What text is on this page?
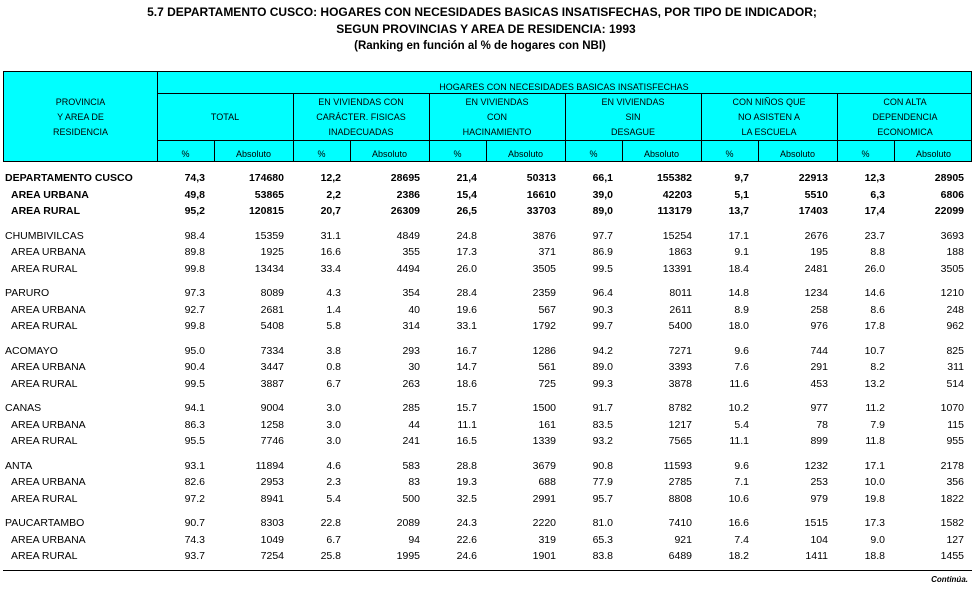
5.7 DEPARTAMENTO CUSCO: HOGARES CON NECESIDADES BASICAS INSATISFECHAS, POR TIPO DE INDICADOR;
SEGUN PROVINCIAS Y AREA DE RESIDENCIA: 1993
(Ranking en función al % de hogares con NBI)
PROVINCIA
Y AREA DE
RESIDENCIA
HOGARES CON NECESIDADES BASICAS INSATISFECHAS
TOTAL
%	Absoluto
EN VIVIENDAS CON
CARÁCTER. FISICAS
INADECUADAS
%	Absoluto
EN VIVIENDAS
CON
HACINAMIENTO
%	Absoluto
EN VIVIENDAS
SIN
DESAGUE
%	Absoluto
CON NIÑOS QUE
NO ASISTEN A
LA ESCUELA
%	Absoluto
CON ALTA
DEPENDENCIA
ECONOMICA
%	Absoluto
DEPARTAMENTO CUSCO	74,3	174680	12,2	28695	21,4	50313	66,1	155382	9,7	22913	12,3	28905
AREA URBANA	49,8	53865	2,2	2386	15,4	16610	39,0	42203	5,1	5510	6,3	6806
AREA RURAL	95,2	120815	20,7	26309	26,5	33703	89,0	113179	13,7	17403	17,4	22099

CHUMBIVILCAS	98.4	15359	31.1	4849	24.8	3876	97.7	15254	17.1	2676	23.7	3693
AREA URBANA	89.8	1925	16.6	355	17.3	371	86.9	1863	9.1	195	8.8	188
AREA RURAL	99.8	13434	33.4	4494	26.0	3505	99.5	13391	18.4	2481	26.0	3505

PARURO	97.3	8089	4.3	354	28.4	2359	96.4	8011	14.8	1234	14.6	1210
AREA URBANA	92.7	2681	1.4	40	19.6	567	90.3	2611	8.9	258	8.6	248
AREA RURAL	99.8	5408	5.8	314	33.1	1792	99.7	5400	18.0	976	17.8	962

ACOMAYO	95.0	7334	3.8	293	16.7	1286	94.2	7271	9.6	744	10.7	825
AREA URBANA	90.4	3447	0.8	30	14.7	561	89.0	3393	7.6	291	8.2	311
AREA RURAL	99.5	3887	6.7	263	18.6	725	99.3	3878	11.6	453	13.2	514

CANAS	94.1	9004	3.0	285	15.7	1500	91.7	8782	10.2	977	11.2	1070
AREA URBANA	86.3	1258	3.0	44	11.1	161	83.5	1217	5.4	78	7.9	115
AREA RURAL	95.5	7746	3.0	241	16.5	1339	93.2	7565	11.1	899	11.8	955

ANTA	93.1	11894	4.6	583	28.8	3679	90.8	11593	9.6	1232	17.1	2178
AREA URBANA	82.6	2953	2.3	83	19.3	688	77.9	2785	7.1	253	10.0	356
AREA RURAL	97.2	8941	5.4	500	32.5	2991	95.7	8808	10.6	979	19.8	1822

PAUCARTAMBO	90.7	8303	22.8	2089	24.3	2220	81.0	7410	16.6	1515	17.3	1582
AREA URBANA	74.3	1049	6.7	94	22.6	319	65.3	921	7.4	104	9.0	127
AREA RURAL	93.7	7254	25.8	1995	24.6	1901	83.8	6489	18.2	1411	18.8	1455
Continúa.
